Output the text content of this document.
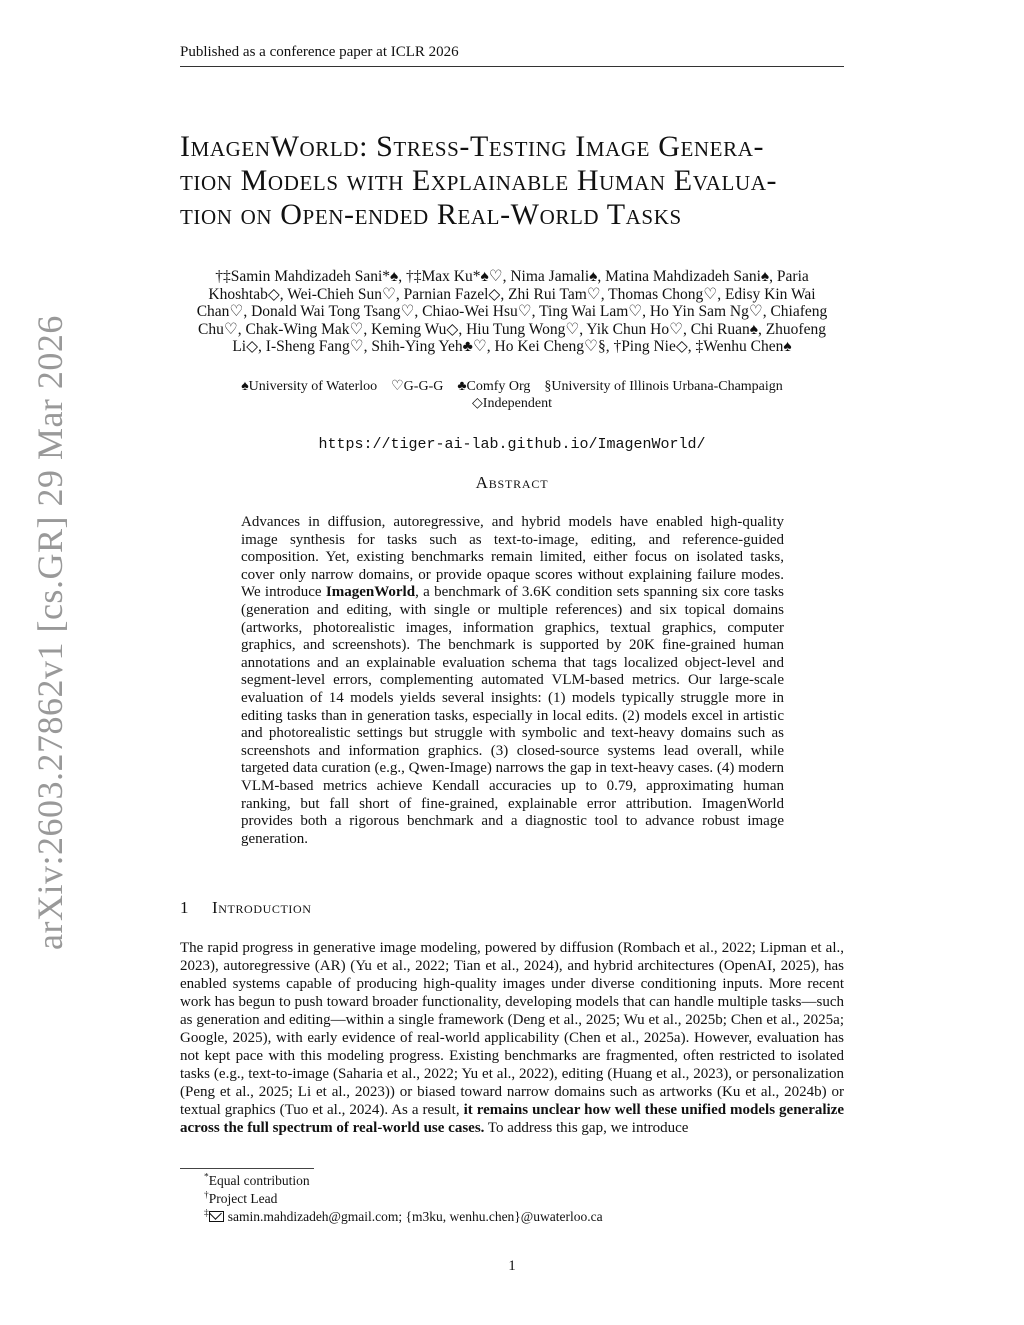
Published as a conference paper at ICLR 2026
arXiv:2603.27862v1 [cs.GR] 29 Mar 2026
ImagenWorld: Stress-Testing Image Genera-
tion Models with Explainable Human Evalua-
tion on Open-ended Real-World Tasks
†‡Samin Mahdizadeh Sani*♠, †‡Max Ku*♠♡, Nima Jamali♠, Matina Mahdizadeh Sani♠, Paria
Khoshtab◇, Wei-Chieh Sun♡, Parnian Fazel◇, Zhi Rui Tam♡, Thomas Chong♡, Edisy Kin Wai
Chan♡, Donald Wai Tong Tsang♡, Chiao-Wei Hsu♡, Ting Wai Lam♡, Ho Yin Sam Ng♡, Chiafeng
Chu♡, Chak-Wing Mak♡, Keming Wu◇, Hiu Tung Wong♡, Yik Chun Ho♡, Chi Ruan♠, Zhuofeng
Li◇, I-Sheng Fang♡, Shih-Ying Yeh♣♡, Ho Kei Cheng♡§, †Ping Nie◇, ‡Wenhu Chen♠
♠University of Waterloo    ♡G-G-G    ♣Comfy Org    §University of Illinois Urbana-Champaign
◇Independent
https://tiger-ai-lab.github.io/ImagenWorld/
Abstract
Advances in diffusion, autoregressive, and hybrid models have enabled high-quality image synthesis for tasks such as text-to-image, editing, and reference-guided composition. Yet, existing benchmarks remain limited, either focus on isolated tasks, cover only narrow domains, or provide opaque scores without explaining failure modes. We introduce ImagenWorld, a benchmark of 3.6K condition sets spanning six core tasks (generation and editing, with single or multiple references) and six topical domains (artworks, photorealistic images, information graphics, textual graphics, computer graphics, and screenshots). The benchmark is supported by 20K fine-grained human annotations and an explainable evaluation schema that tags localized object-level and segment-level errors, complementing automated VLM-based metrics. Our large-scale evaluation of 14 models yields several insights: (1) models typically struggle more in editing tasks than in generation tasks, especially in local edits. (2) models excel in artistic and photorealistic settings but struggle with symbolic and text-heavy domains such as screenshots and information graphics. (3) closed-source systems lead overall, while targeted data curation (e.g., Qwen-Image) narrows the gap in text-heavy cases. (4) modern VLM-based metrics achieve Kendall accuracies up to 0.79, approximating human ranking, but fall short of fine-grained, explainable error attribution. ImagenWorld provides both a rigorous benchmark and a diagnostic tool to advance robust image generation.
1 Introduction
The rapid progress in generative image modeling, powered by diffusion (Rombach et al., 2022; Lipman et al., 2023), autoregressive (AR) (Yu et al., 2022; Tian et al., 2024), and hybrid architectures (OpenAI, 2025), has enabled systems capable of producing high-quality images under diverse conditioning inputs. More recent work has begun to push toward broader functionality, developing models that can handle multiple tasks—such as generation and editing—within a single framework (Deng et al., 2025; Wu et al., 2025b; Chen et al., 2025a; Google, 2025), with early evidence of real-world applicability (Chen et al., 2025a). However, evaluation has not kept pace with this modeling progress. Existing benchmarks are fragmented, often restricted to isolated tasks (e.g., text-to-image (Saharia et al., 2022; Yu et al., 2022), editing (Huang et al., 2023), or personalization (Peng et al., 2025; Li et al., 2023)) or biased toward narrow domains such as artworks (Ku et al., 2024b) or textual graphics (Tuo et al., 2024). As a result, it remains unclear how well these unified models generalize across the full spectrum of real-world use cases. To address this gap, we introduce
*Equal contribution
†Project Lead
‡ samin.mahdizadeh@gmail.com; {m3ku, wenhu.chen}@uwaterloo.ca
1
